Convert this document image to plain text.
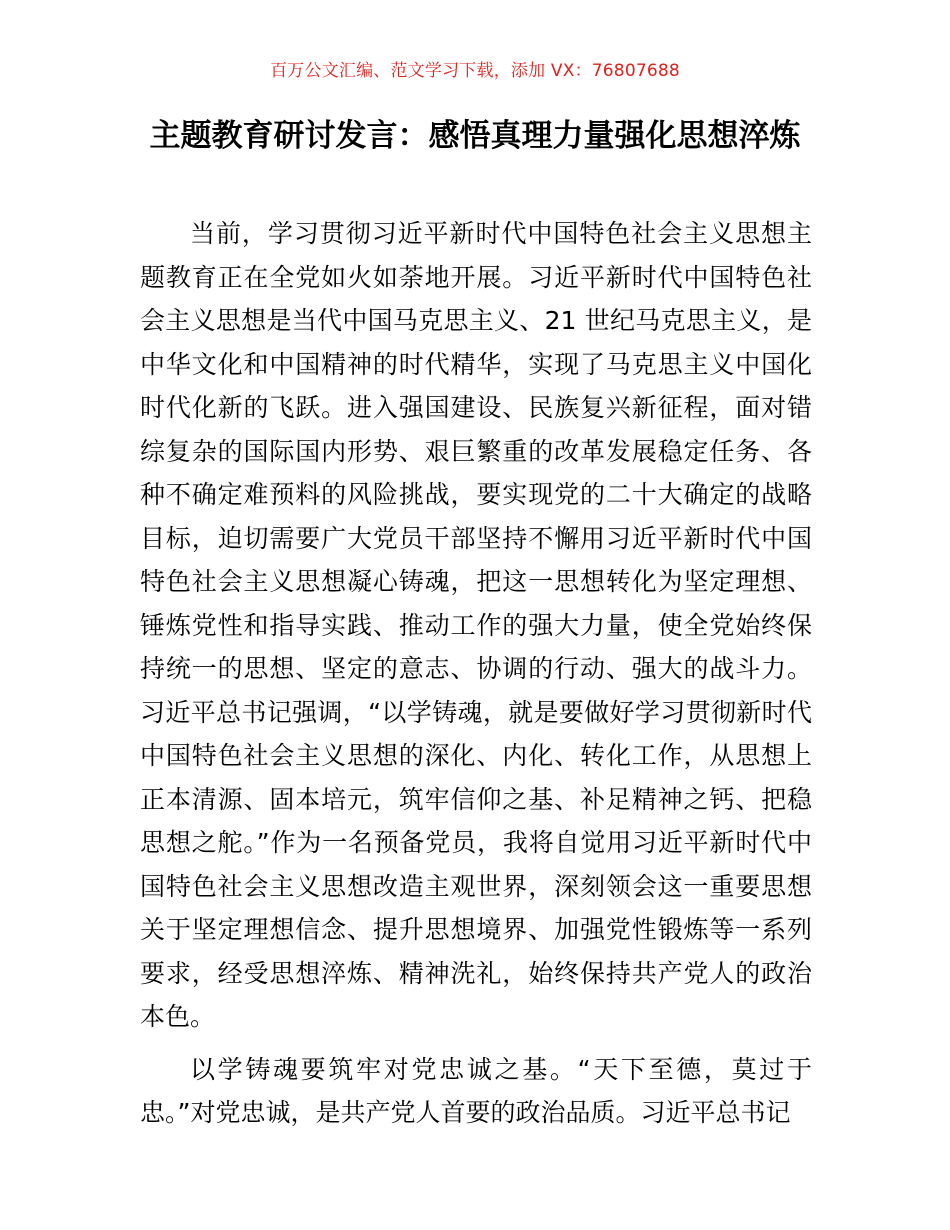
百万公文汇编、范文学习下载，添加 VX：76807688
主题教育研讨发言：感悟真理力量强化思想淬炼

当前，学习贯彻习近平新时代中国特色社会主义思想主题教育正在全党如火如荼地开展。习近平新时代中国特色社会主义思想是当代中国马克思主义、21 世纪马克思主义，是中华文化和中国精神的时代精华，实现了马克思主义中国化时代化新的飞跃。进入强国建设、民族复兴新征程，面对错综复杂的国际国内形势、艰巨繁重的改革发展稳定任务、各种不确定难预料的风险挑战，要实现党的二十大确定的战略目标，迫切需要广大党员干部坚持不懈用习近平新时代中国特色社会主义思想凝心铸魂，把这一思想转化为坚定理想、锤炼党性和指导实践、推动工作的强大力量，使全党始终保持统一的思想、坚定的意志、协调的行动、强大的战斗力。习近平总书记强调，“以学铸魂，就是要做好学习贯彻新时代中国特色社会主义思想的深化、内化、转化工作，从思想上正本清源、固本培元，筑牢信仰之基、补足精神之钙、把稳思想之舵。”作为一名预备党员，我将自觉用习近平新时代中国特色社会主义思想改造主观世界，深刻领会这一重要思想关于坚定理想信念、提升思想境界、加强党性锻炼等一系列要求，经受思想淬炼、精神洗礼，始终保持共产党人的政治本色。

以学铸魂要筑牢对党忠诚之基。“天下至德，莫过于忠。”对党忠诚，是共产党人首要的政治品质。习近平总书记
